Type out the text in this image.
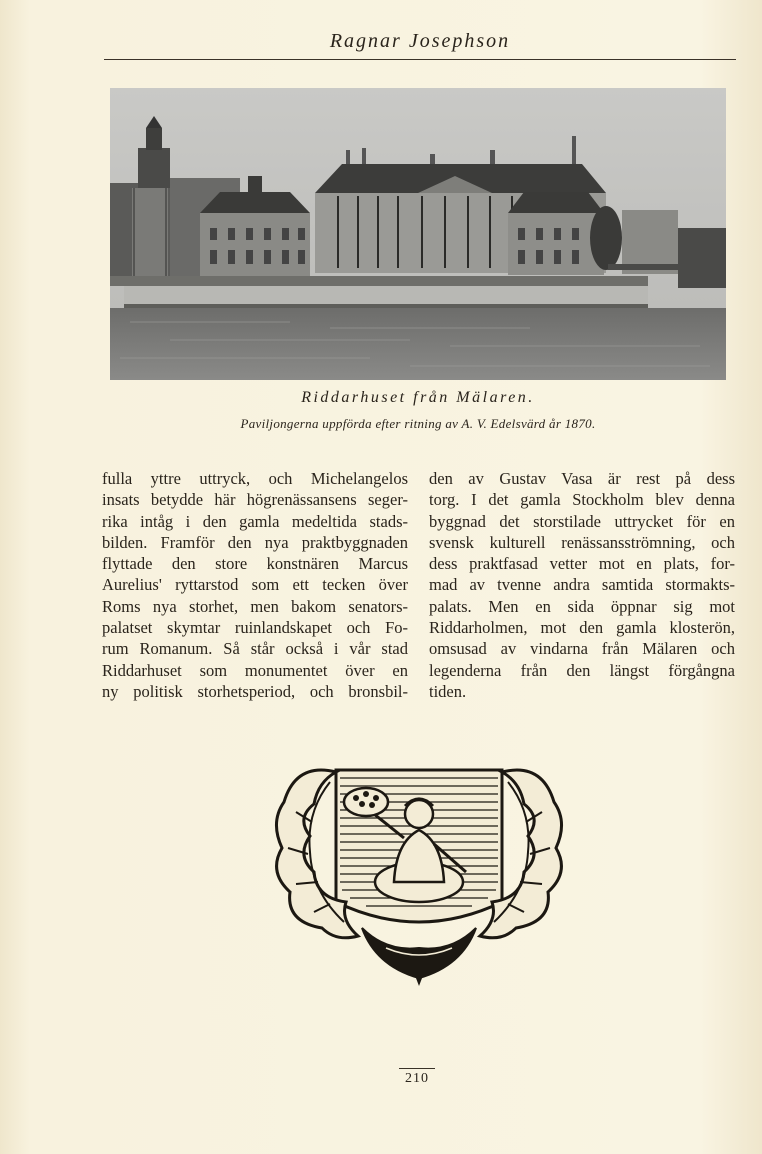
Ragnar Josephson
Riddarhuset från Mälaren.
Paviljongerna uppförda efter ritning av A. V. Edelsvärd år 1870.
fulla yttre uttryck, och Michelangelos
insats betydde här högrenässansens seger-
rika intåg i den gamla medeltida stads-
bilden. Framför den nya praktbyggnaden
flyttade den store konstnären Marcus
Aurelius' ryttarstod som ett tecken över
Roms nya storhet, men bakom senators-
palatset skymtar ruinlandskapet och Fo-
rum Romanum. Så står också i vår stad
Riddarhuset som monumentet över en
ny politisk storhetsperiod, och bronsbil-
den av Gustav Vasa är rest på dess
torg. I det gamla Stockholm blev denna
byggnad det storstilade uttrycket för en
svensk kulturell renässansströmning, och
dess praktfasad vetter mot en plats, for-
mad av tvenne andra samtida stormakts-
palats. Men en sida öppnar sig mot
Riddarholmen, mot den gamla klosterön,
omsusad av vindarna från Mälaren och
legenderna från den längst förgångna
tiden.
210
